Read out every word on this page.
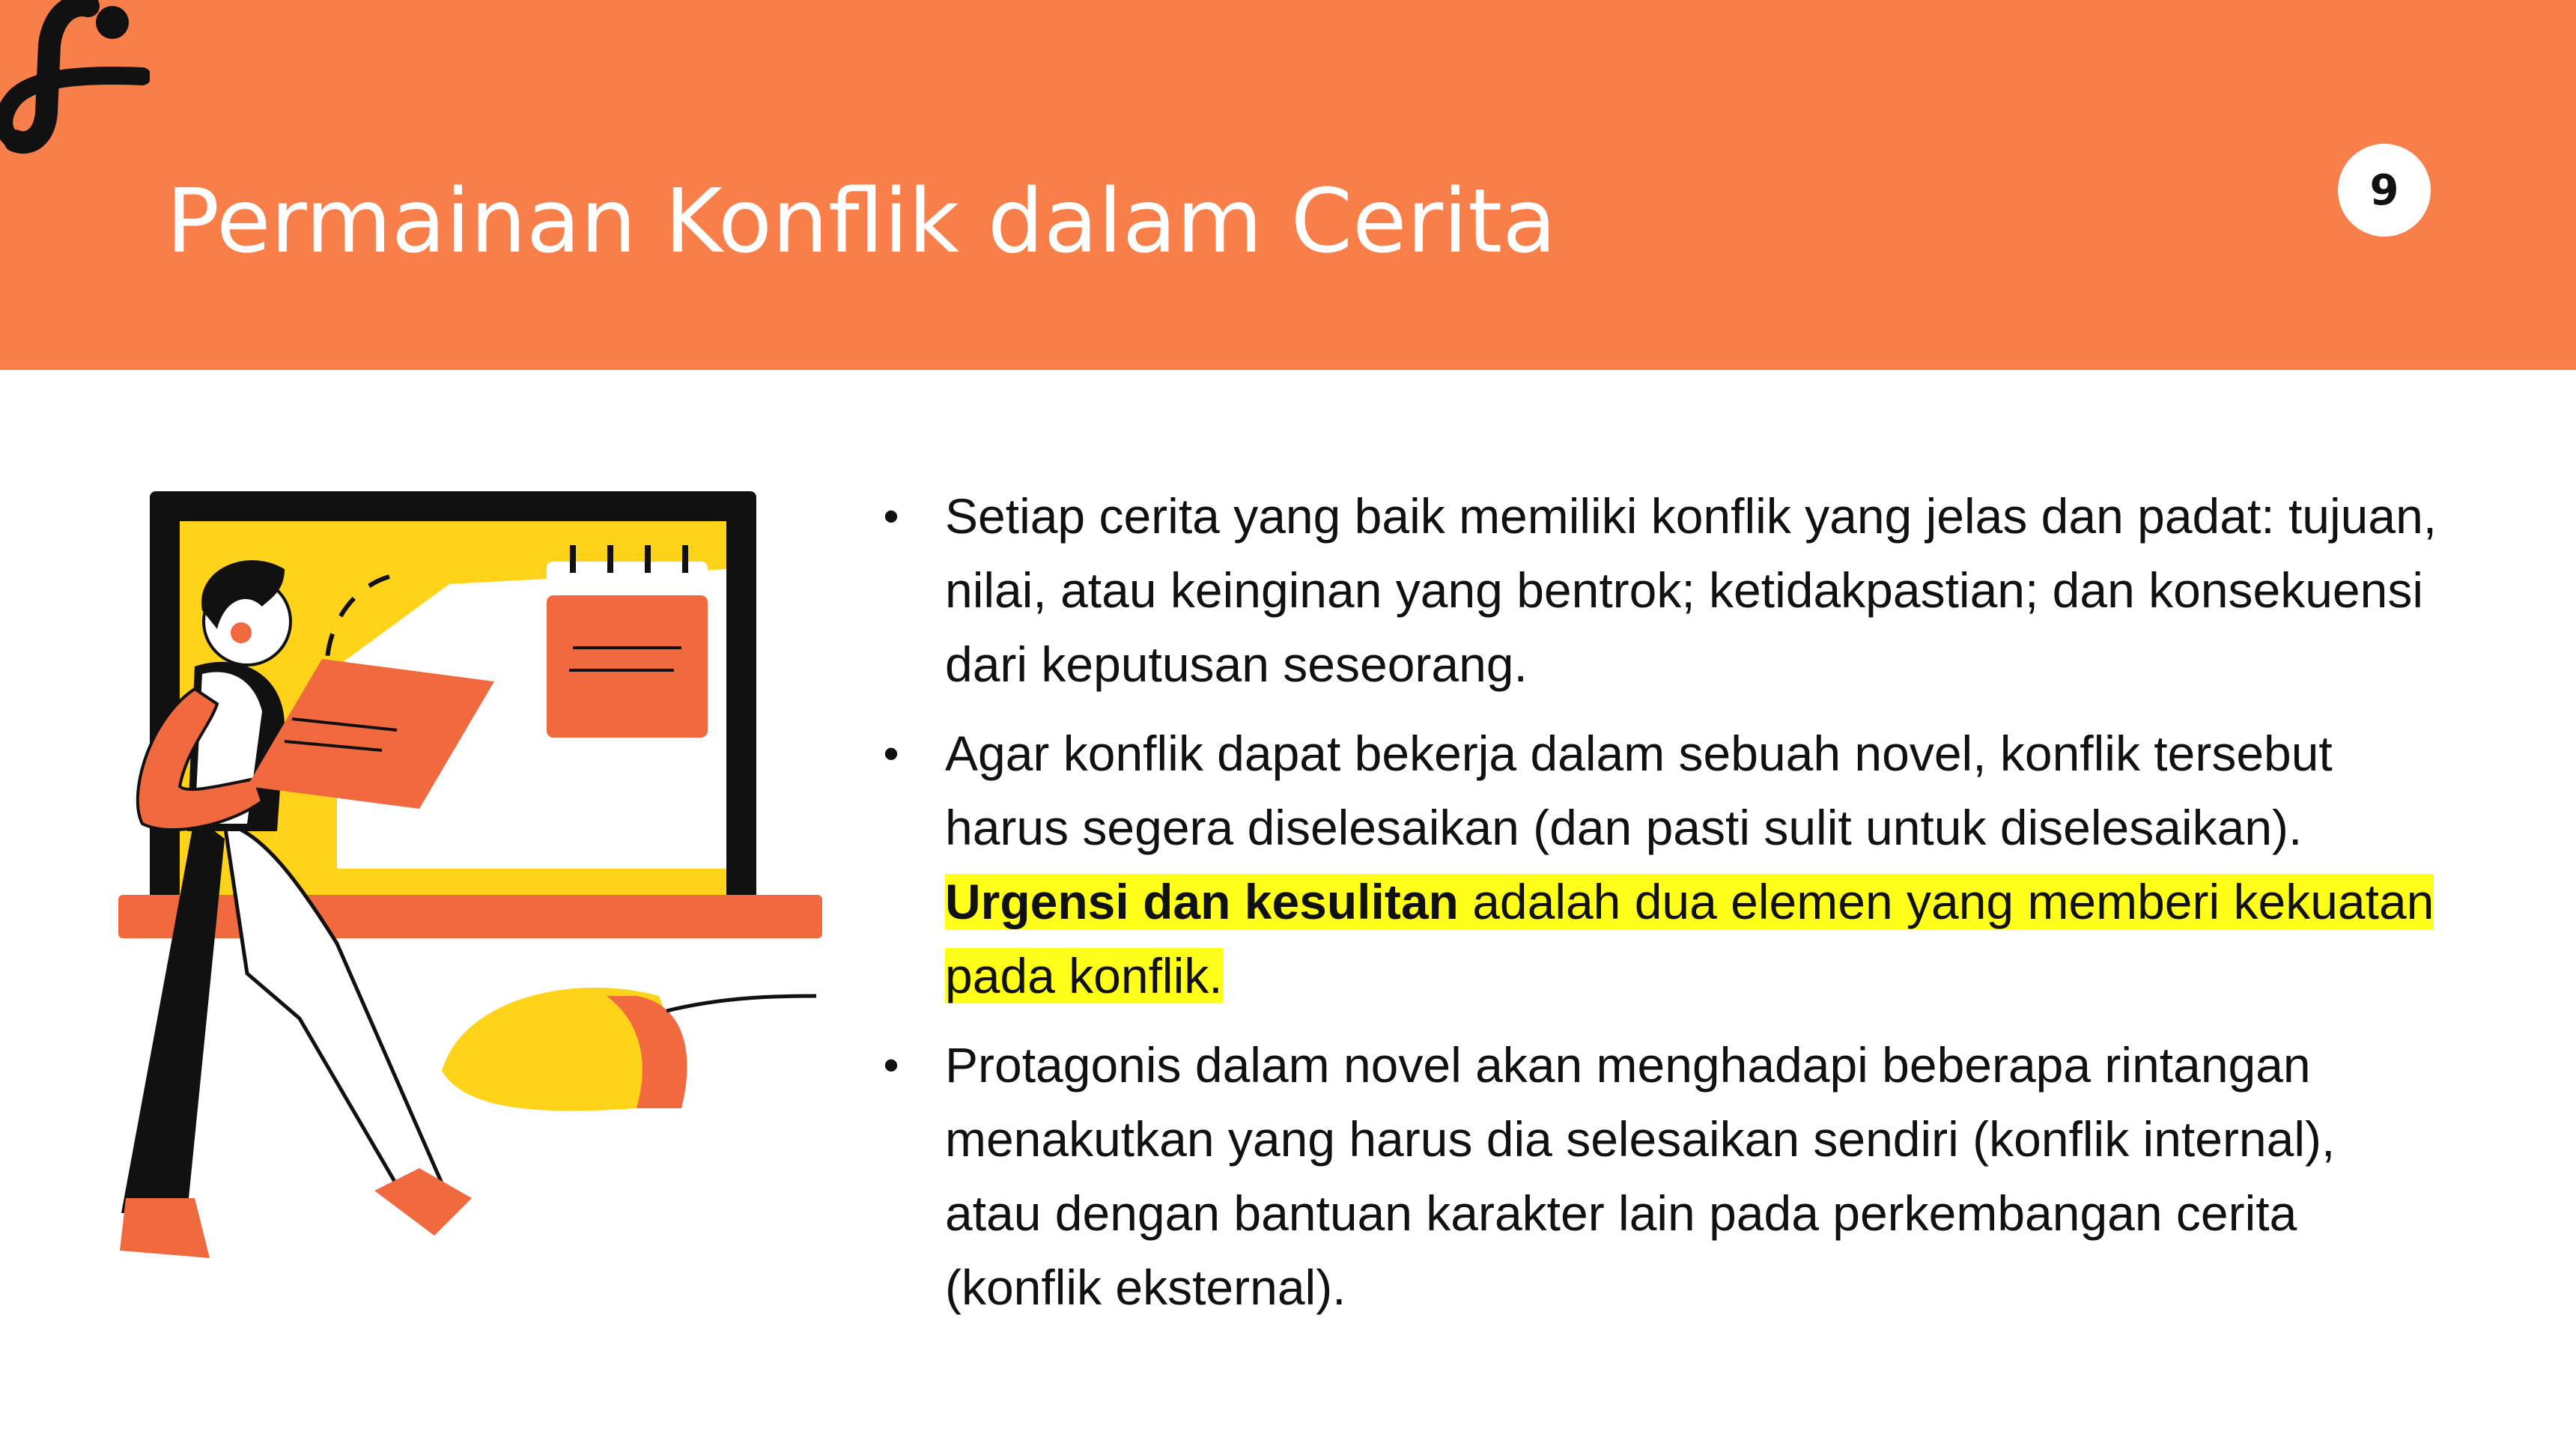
Permainan Konflik dalam Cerita	9
• Setiap cerita yang baik memiliki konflik yang jelas dan padat: tujuan, nilai, atau keinginan yang bentrok; ketidakpastian; dan konsekuensi dari keputusan seseorang.
• Agar konflik dapat bekerja dalam sebuah novel, konflik tersebut harus segera diselesaikan (dan pasti sulit untuk diselesaikan). Urgensi dan kesulitan adalah dua elemen yang memberi kekuatan pada konflik.
• Protagonis dalam novel akan menghadapi beberapa rintangan menakutkan yang harus dia selesaikan sendiri (konflik internal), atau dengan bantuan karakter lain pada perkembangan cerita (konflik eksternal).
